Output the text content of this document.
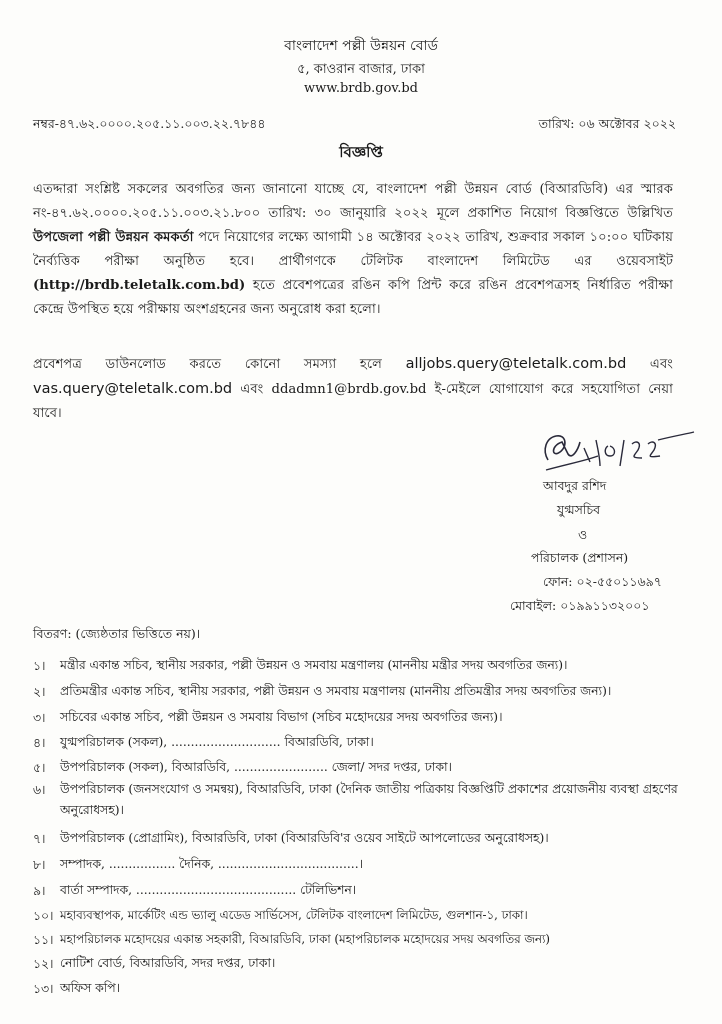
বাংলাদেশ পল্লী উন্নয়ন বোর্ড
৫, কাওরান বাজার, ঢাকা
www.brdb.gov.bd
নম্বর-৪৭.৬২.০০০০.২০৫.১১.০০৩.২২.৭৮৪৪	তারিখ: ০৬ অক্টোবর ২০২২
বিজ্ঞপ্তি
এতদ্দারা সংশ্লিষ্ট সকলের অবগতির জন্য জানানো যাচ্ছে যে, বাংলাদেশ পল্লী উন্নয়ন বোর্ড (বিআরডিবি) এর স্মারক নং-৪৭.৬২.০০০০.২০৫.১১.০০৩.২১.৮০০ তারিখ: ৩০ জানুয়ারি ২০২২ মূলে প্রকাশিত নিয়োগ বিজ্ঞপ্তিতে উল্লিখিত উপজেলা পল্লী উন্নয়ন কমকর্তা পদে নিয়োগের লক্ষ্যে আগামী ১৪ অক্টোবর ২০২২ তারিখ, শুক্রবার সকাল ১০:০০ ঘটিকায় নৈর্ব্যত্তিক পরীক্ষা অনুষ্ঠিত হবে। প্রার্থীগণকে টেলিটক বাংলাদেশ লিমিটেড এর ওয়েবসাইট (http://brdb.teletalk.com.bd) হতে প্রবেশপত্রের রঙিন কপি প্রিন্ট করে রঙিন প্রবেশপত্রসহ নির্ধারিত পরীক্ষা কেন্দ্রে উপস্থিত হয়ে পরীক্ষায় অংশগ্রহনের জন্য অনুরোধ করা হলো।
প্রবেশপত্র ডাউনলোড করতে কোনো সমস্যা হলে alljobs.query@teletalk.com.bd এবং vas.query@teletalk.com.bd এবং ddadmn1@brdb.gov.bd ই-মেইলে যোগাযোগ করে সহযোগিতা নেয়া যাবে।
আবদুর রশিদ
যুগ্মসচিব
ও
পরিচালক (প্রশাসন)
ফোন: ০২-৫৫০১১৬৯৭
মোবাইল: ০১৯৯১১৩২০০১
বিতরণ: (জ্যেষ্ঠতার ভিত্তিতে নয়)।
১। মন্ত্রীর একান্ত সচিব, স্থানীয় সরকার, পল্লী উন্নয়ন ও সমবায় মন্ত্রণালয় (মাননীয় মন্ত্রীর সদয় অবগতির জন্য)।
২। প্রতিমন্ত্রীর একান্ত সচিব, স্থানীয় সরকার, পল্লী উন্নয়ন ও সমবায় মন্ত্রণালয় (মাননীয় প্রতিমন্ত্রীর সদয় অবগতির জন্য)।
৩। সচিবের একান্ত সচিব, পল্লী উন্নয়ন ও সমবায় বিভাগ (সচিব মহোদয়ের সদয় অবগতির জন্য)।
৪। যুগ্মপরিচালক (সকল), ............................ বিআরডিবি, ঢাকা।
৫। উপপরিচালক (সকল), বিআরডিবি, ........................ জেলা/ সদর দপ্তর, ঢাকা।
৬। উপপরিচালক (জনসংযোগ ও সমন্বয়), বিআরডিবি, ঢাকা (দৈনিক জাতীয় পত্রিকায় বিজ্ঞপ্তিটি প্রকাশের প্রয়োজনীয় ব্যবস্থা গ্রহণের অনুরোধসহ)।
৭। উপপরিচালক (প্রোগ্রামিং), বিআরডিবি, ঢাকা (বিআরডিবি'র ওয়েব সাইটে আপলোডের অনুরোধসহ)।
৮। সম্পাদক, ................. দৈনিক, ....................................।
৯। বার্তা সম্পাদক, ......................................... টেলিভিশন।
১০। মহাব্যবস্থাপক, মার্কেটিং এন্ড ভ্যালু এডেড সার্ভিসেস, টেলিটক বাংলাদেশ লিমিটেড, গুলশান-১, ঢাকা।
১১। মহাপরিচালক মহোদয়ের একান্ত সহকারী, বিআরডিবি, ঢাকা (মহাপরিচালক মহোদয়ের সদয় অবগতির জন্য)
১২। নোটিশ বোর্ড, বিআরডিবি, সদর দপ্তর, ঢাকা।
১৩। অফিস কপি।
